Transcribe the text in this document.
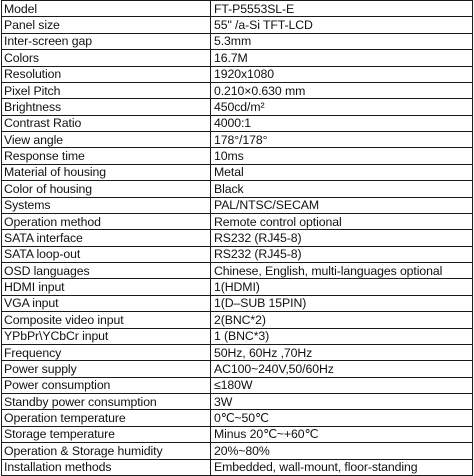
Model	FT-P5553SL-E
Panel size	55" /a-Si TFT-LCD
Inter-screen gap	5.3mm
Colors	16.7M
Resolution	1920x1080
Pixel Pitch	0.210×0.630 mm
Brightness	450cd/m²
Contrast Ratio	4000:1
View angle	178°/178°
Response time	10ms
Material of housing	Metal
Color of housing	Black
Systems	PAL/NTSC/SECAM
Operation method	Remote control optional
SATA interface	RS232 (RJ45-8)
SATA loop-out	RS232 (RJ45-8)
OSD languages	Chinese, English, multi-languages optional
HDMI input	1(HDMI)
VGA input	1(D–SUB 15PIN)
Composite video input	2(BNC*2)
YPbPr\YCbCr input	1 (BNC*3)
Frequency	50Hz, 60Hz ,70Hz
Power supply	AC100~240V,50/60Hz
Power consumption	≤180W
Standby power consumption	3W
Operation temperature	0℃~50℃
Storage temperature	Minus 20℃~+60℃
Operation & Storage humidity	20%~80%
Installation methods	Embedded, wall-mount, floor-standing
